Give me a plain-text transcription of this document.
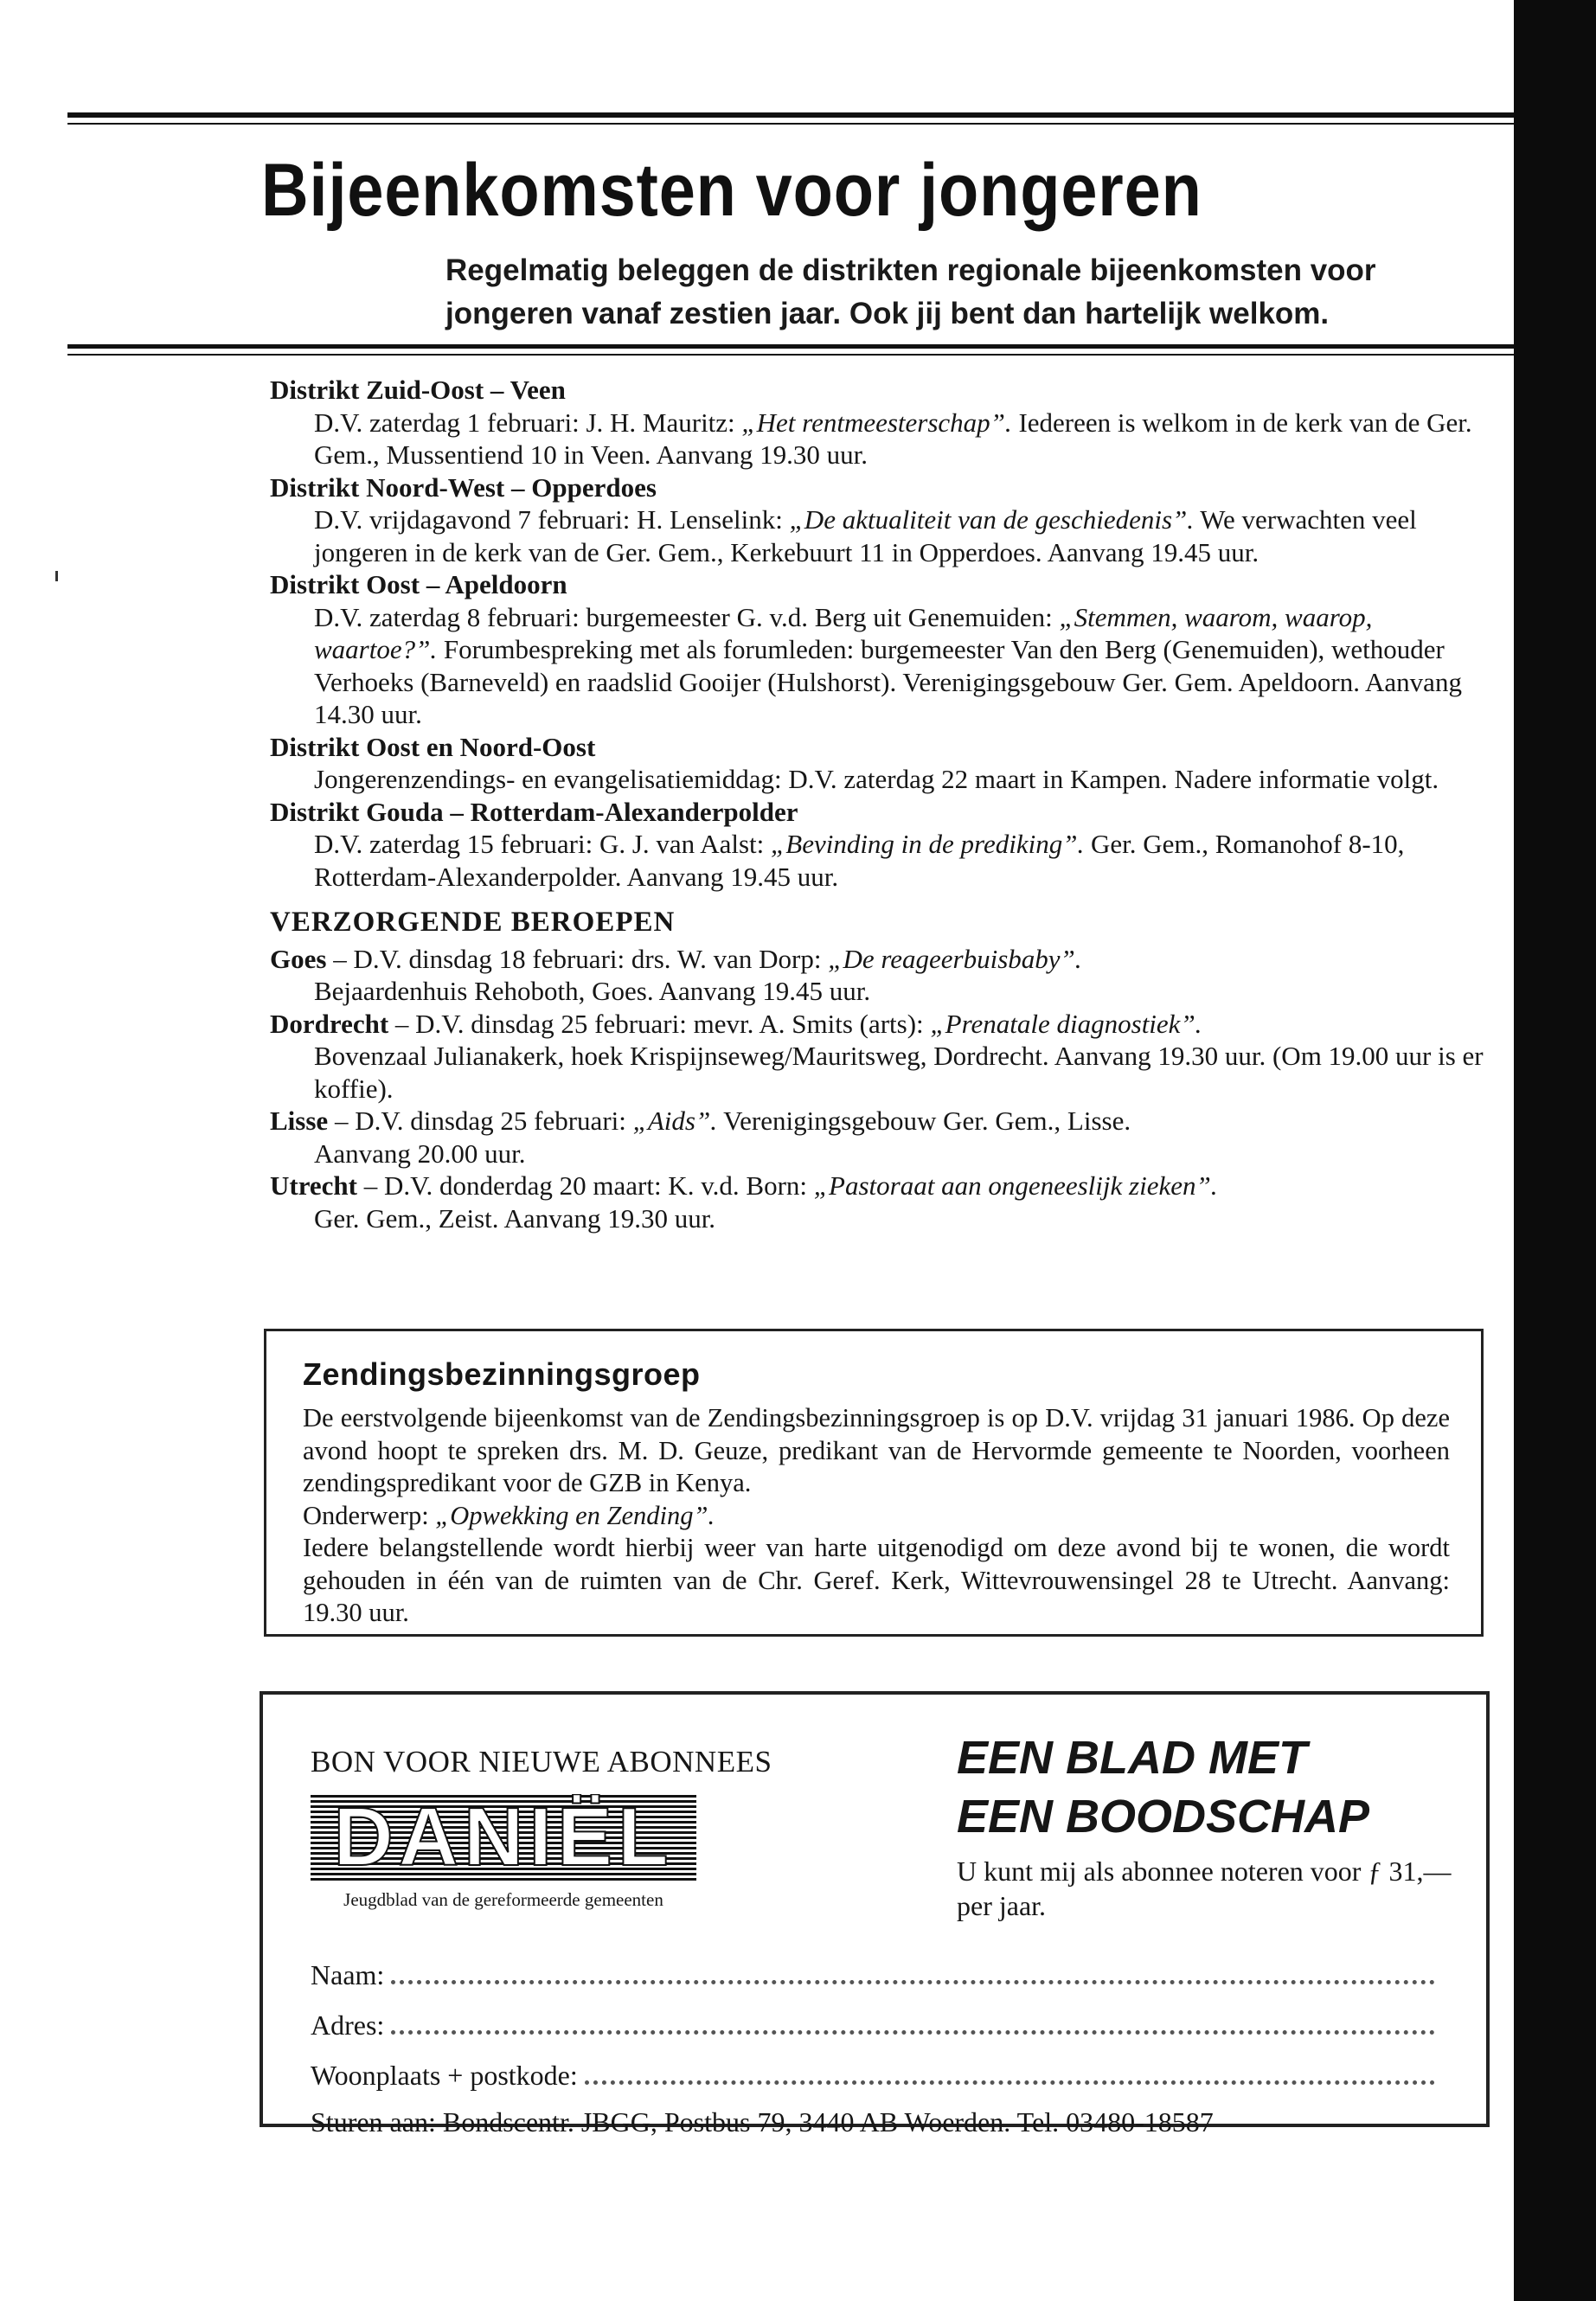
Bijeenkomsten voor jongeren

Regelmatig beleggen de distrikten regionale bijeenkomsten voor jongeren vanaf zestien jaar. Ook jij bent dan hartelijk welkom.

Distrikt Zuid-Oost – Veen

D.V. zaterdag 1 februari: J. H. Mauritz: „Het rentmeesterschap”. Iedereen is welkom in de kerk van de Ger. Gem., Mussentiend 10 in Veen. Aanvang 19.30 uur.

Distrikt Noord-West – Opperdoes

D.V. vrijdagavond 7 februari: H. Lenselink: „De aktualiteit van de geschiedenis”. We verwachten veel jongeren in de kerk van de Ger. Gem., Kerkebuurt 11 in Opperdoes. Aanvang 19.45 uur.

Distrikt Oost – Apeldoorn

D.V. zaterdag 8 februari: burgemeester G. v.d. Berg uit Genemuiden: „Stemmen, waarom, waarop, waartoe?”. Forumbespreking met als forumleden: burgemeester Van den Berg (Genemuiden), wethouder Verhoeks (Barneveld) en raadslid Gooijer (Hulshorst). Verenigingsgebouw Ger. Gem. Apeldoorn. Aanvang 14.30 uur.

Distrikt Oost en Noord-Oost

Jongerenzendings- en evangelisatiemiddag: D.V. zaterdag 22 maart in Kampen. Nadere informatie volgt.

Distrikt Gouda – Rotterdam-Alexanderpolder

D.V. zaterdag 15 februari: G. J. van Aalst: „Bevinding in de prediking”. Ger. Gem., Romanohof 8-10, Rotterdam-Alexanderpolder. Aanvang 19.45 uur.

VERZORGENDE BEROEPEN

Goes – D.V. dinsdag 18 februari: drs. W. van Dorp: „De reageerbuisbaby”.

Bejaardenhuis Rehoboth, Goes. Aanvang 19.45 uur.

Dordrecht – D.V. dinsdag 25 februari: mevr. A. Smits (arts): „Prenatale diagnostiek”.

Bovenzaal Julianakerk, hoek Krispijnseweg/Mauritsweg, Dordrecht. Aanvang 19.30 uur. (Om 19.00 uur is er koffie).

Lisse – D.V. dinsdag 25 februari: „Aids”. Verenigingsgebouw Ger. Gem., Lisse.

Aanvang 20.00 uur.

Utrecht – D.V. donderdag 20 maart: K. v.d. Born: „Pastoraat aan ongeneeslijk zieken”.

Ger. Gem., Zeist. Aanvang 19.30 uur.

Zendingsbezinningsgroep

De eerstvolgende bijeenkomst van de Zendingsbezinningsgroep is op D.V. vrijdag 31 januari 1986. Op deze avond hoopt te spreken drs. M. D. Geuze, predikant van de Hervormde gemeente te Noorden, voorheen zendingspredikant voor de GZB in Kenya.

Onderwerp: „Opwekking en Zending”.

Iedere belangstellende wordt hierbij weer van harte uitgenodigd om deze avond bij te wonen, die wordt gehouden in één van de ruimten van de Chr. Geref. Kerk, Wittevrouwensingel 28 te Utrecht. Aanvang: 19.30 uur.

BON VOOR NIEUWE ABONNEES

DANIËL

Jeugdblad van de gereformeerde gemeenten

EEN BLAD MET

EEN BOODSCHAP

U kunt mij als abonnee noteren voor ƒ 31,— per jaar.

Naam:
Adres:
Woonplaats + postkode:

Sturen aan: Bondscentr. JBGG, Postbus 79, 3440 AB Woerden. Tel. 03480-18587
